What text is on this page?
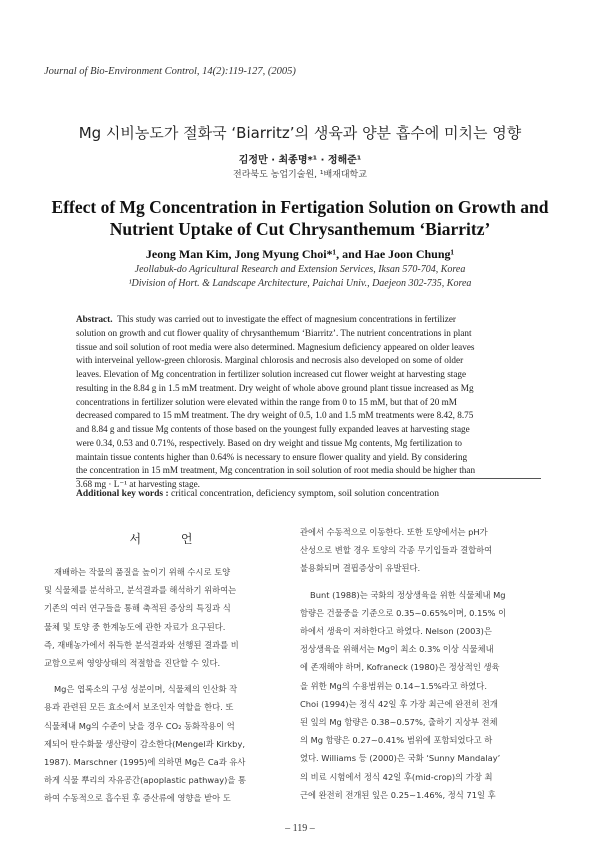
Journal of Bio-Environment Control, 14(2):119-127, (2005)
Mg 시비농도가 절화국 ‘Biarritz’의 생육과 양분 흡수에 미치는 영향
김정만 · 최종명*¹ · 정해준¹
전라북도 농업기술원, ¹배재대학교
Effect of Mg Concentration in Fertigation Solution on Growth and
Nutrient Uptake of Cut Chrysanthemum ‘Biarritz’
Jeong Man Kim, Jong Myung Choi*¹, and Hae Joon Chung¹
Jeollabuk-do Agricultural Research and Extension Services, Iksan 570-704, Korea
¹Division of Hort. & Landscape Architecture, Paichai Univ., Daejeon 302-735, Korea
Abstract. This study was carried out to investigate the effect of magnesium concentrations in fertilizer
solution on growth and cut flower quality of chrysanthemum ‘Biarritz’. The nutrient concentrations in plant
tissue and soil solution of root media were also determined. Magnesium deficiency appeared on older leaves
with interveinal yellow-green chlorosis. Marginal chlorosis and necrosis also developed on some of older
leaves. Elevation of Mg concentration in fertilizer solution increased cut flower weight at harvesting stage
resulting in the 8.84 g in 1.5 mM treatment. Dry weight of whole above ground plant tissue increased as Mg
concentrations in fertilizer solution were elevated within the range from 0 to 15 mM, but that of 20 mM
decreased compared to 15 mM treatment. The dry weight of 0.5, 1.0 and 1.5 mM treatments were 8.42, 8.75
and 8.84 g and tissue Mg contents of those based on the youngest fully expanded leaves at harvesting stage
were 0.34, 0.53 and 0.71%, respectively. Based on dry weight and tissue Mg contents, Mg fertilization to
maintain tissue contents higher than 0.64% is necessary to ensure flower quality and yield. By considering
the concentration in 15 mM treatment, Mg concentration in soil solution of root media should be higher than
3.68 mg · L⁻¹ at harvesting stage.
Additional key words : critical concentration, deficiency symptom, soil solution concentration
서 언
재배하는 작물의 품질을 높이기 위해 수시로 토양
및 식물체를 분석하고, 분석결과를 해석하기 위하여는
기존의 여러 연구들을 통해 축적된 증상의 특징과 식
물체 및 토양 중 한계농도에 관한 자료가 요구된다.
즉, 재배농가에서 취득한 분석결과와 선행된 결과를 비
교함으로써 영양상태의 적절함을 진단할 수 있다.
Mg은 엽록소의 구성 성분이며, 식물체의 인산화 작
용과 관련된 모든 효소에서 보조인자 역할을 한다. 또
식물체내 Mg의 수준이 낮을 경우 CO₂ 동화작용이 억
제되어 탄수화물 생산량이 감소한다(Mengel과 Kirkby,
1987). Marschner (1995)에 의하면 Mg은 Ca과 유사
하게 식물 뿌리의 자유공간(apoplastic pathway)을 통
하여 수동적으로 흡수된 후 증산류에 영향을 받아 도
관에서 수동적으로 이동한다. 또한 토양에서는 pH가
산성으로 변할 경우 토양의 각종 무기입들과 결합하여
불용화되며 결핍증상이 유발된다.
Bunt (1988)는 국화의 정상생육을 위한 식물체내 Mg
함량은 건물중을 기준으로 0.35~0.65%이며, 0.15% 이
하에서 생육이 저하한다고 하였다. Nelson (2003)은
정상생육을 위해서는 Mg이 최소 0.3% 이상 식물체내
에 존재해야 하며, Kofraneck (1980)은 정상적인 생육
을 위한 Mg의 수용범위는 0.14~1.5%라고 하였다.
Choi (1994)는 정식 42일 후 가장 최근에 완전히 전개
된 잎의 Mg 함량은 0.38~0.57%, 출하기 지상부 전체
의 Mg 함량은 0.27~0.41% 범위에 포함되었다고 하
였다. Williams 등 (2000)은 국화 ‘Sunny Mandalay’
의 비료 시험에서 정식 42일 후(mid-crop)의 가장 최
근에 완전히 전개된 잎은 0.25~1.46%, 정식 71일 후
– 119 –
